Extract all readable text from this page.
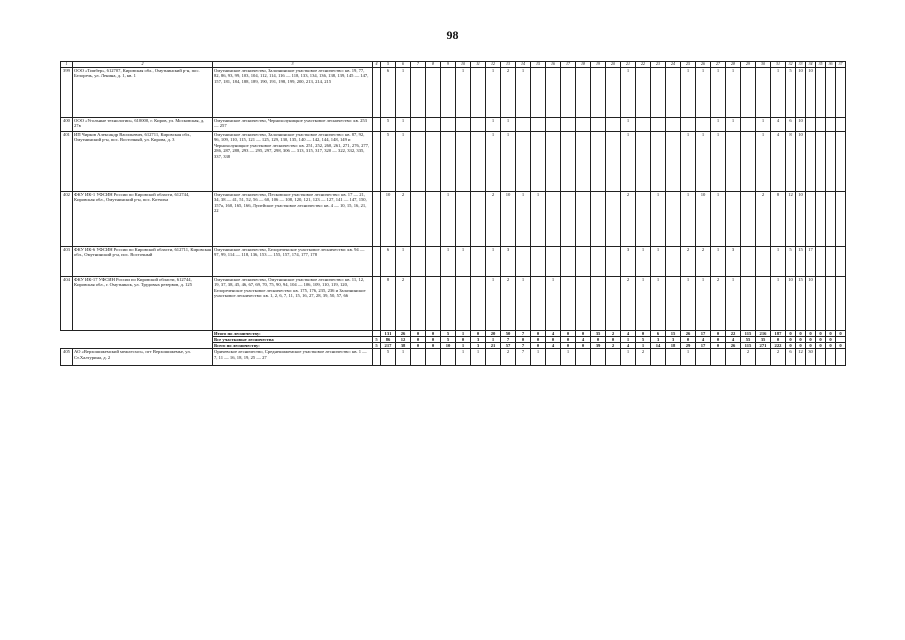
98
1	2	3	4	5	6	7	8	9	10	11	12	13	14	15	16	17	18	19	20	21	22	23	24	25	26	27	28	29	30	31	32	33	34	35	36	37	
399	ООО «Тимбер», 612707, Кировская обл., Омутнинский р-н, пос. Белоречь, ул. Ленина, д. 1, кв. 1	Омутнинское лесничество, Залазнинское участковое лесничество: кв. 19, 77, 82, 86, 93, 99, 103, 104, 112, 114, 116 — 118, 133, 134, 136, 138, 139, 145 — 147, 157, 181, 184, 188, 189, 190, 191, 198, 199, 200, 213, 214, 215		6	1				1		1	2	1							1				1	1	1	1			1	5	10	10						
400	ООО «Угольные технологии», 610000, г. Киров, ул. Московская, д. 27в	Омутнинское лесничество, Чернохолуницкое участковое лесничество: кв. 253 — 257		5	1						1	1								1						1	1		1	4	6	10							
401	ИП Чирков Александр Васильевич, 612711, Кировская обл., Омутнинский р-н, пос. Восточный, ул. Кирова, д. 3	Омутнинское лесничество, Залазнинское участковое лесничество: кв. 87, 92, 96, 109, 110, 115, 121 — 125, 129, 130, 135, 140 — 142, 144, 148, 149 и Чернохолуницкое участковое лесничество: кв. 251, 252, 260, 261, 271, 276, 277, 286, 287, 288, 293 — 295, 297, 298, 306 — 313, 315, 317, 320 — 322, 332, 335, 337, 338		5	1						1	1								1				1	1	1			1	4	8	10							
402	ФКУ ИК-1 УФСИН России по Кировской области, 612744, Кировская обл., Омутнинский р-н, пос. Котчиха	Омутнинское лесничество, Песковское участковое лесничество: кв. 17 — 21, 34, 38 — 41, 51, 52, 56 — 60, 106 — 108, 120, 121, 123 — 127, 141 — 147, 150, 157а, 160, 165, 166, Лупейское участковое лесничество: кв. 4 — 10, 15, 16, 21, 22		10	2			1			2	10	1	1						2		1		1	10	1			2	8	12	10							
403	ФКУ ИК-6 УФСИН России по Кировской области, 612711, Кировская обл., Омутнинский р-н, пос. Восточный	Омутнинское лесничество, Белореченское участковое лесничество: кв. 94 — 97, 99, 114 — 118, 136, 153 — 155, 157, 174, 177, 178		6	1			1	1		1	3								3	1	1		2	2	1	3			1	5	15	17						
404	ФКУ ИК-17 УФСИН России по Кировской области, 612744, Кировская обл., г. Омутнинск, ул. Трудовых резервов, д. 125	Омутнинское лесничество, Омутнинское участковое лесничество: кв. 11, 12, 19, 37, 38, 45, 46, 67, 69, 70, 75, 90, 94, 104 — 106, 109, 110, 119, 120, Белореченское участковое лесничество: кв. 175, 176, 235, 236 и Залазнинское участковое лесничество: кв. 1, 2, 6, 7, 11, 15, 16, 27, 28, 39, 50, 57, 66		8	2						1	2	1		1					2	1	1		1	1	2	1			1	10	15	10						
		Итого по лесничеству:		131	26	0	0	5	1	0	20	50	7	0	4	0	0	35	2	4	0	6	15	26	17	0	22	115	216	187	0	0	0	0	0	0		
		Все участковые лесничества	5	86	12	0	0	5	0	3	1	7	0	0	0	0	4	0	0	1	5	3	3	0	4	0	4	55	35	0	0	0	0	0	0			
		Всего по лесничеству:	5	217	38	0	0	10	1	3	21	57	7	0	4	0	0	39	2	4	1	14	18	29	17	0	26	115	271	222	0	0	0	0	0	0		
405	АО «Верхошижемский межлесхоз», пгт Верхошижемье, ул. Ст.Халтурина, д. 2	Оричевское лесничество, Среднешижемское участковое лесничество: кв. 1 — 7, 11 — 16, 18, 19, 25 — 27		5	1				1	1		2	7	1		1				1	2			1				2		2	6	12	30						
